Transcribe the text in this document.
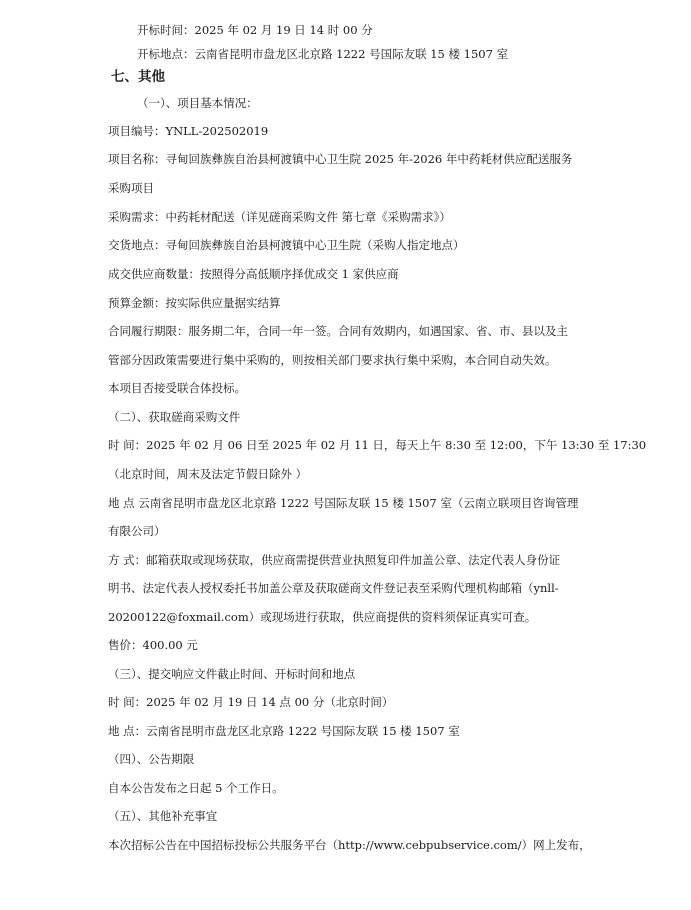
开标时间：2025 年 02 月 19 日 14 时 00 分
开标地点：云南省昆明市盘龙区北京路 1222 号国际友联 15 楼 1507 室
七、其他
（一）、项目基本情况：
项目编号：YNLL-202502019
项目名称：寻甸回族彝族自治县柯渡镇中心卫生院 2025 年-2026 年中药耗材供应配送服务
采购项目
采购需求：中药耗材配送（详见磋商采购文件 第七章《采购需求》）
交货地点：寻甸回族彝族自治县柯渡镇中心卫生院（采购人指定地点）
成交供应商数量：按照得分高低顺序择优成交 1 家供应商
预算金额：按实际供应量据实结算
合同履行期限：服务期二年，合同一年一签。合同有效期内，如遇国家、省、市、县以及主
管部分因政策需要进行集中采购的，则按相关部门要求执行集中采购，本合同自动失效。
本项目否接受联合体投标。
（二）、获取磋商采购文件
时 间：2025 年 02 月 06 日至 2025 年 02 月 11 日，每天上午 8:30 至 12:00，下午 13:30 至 17:30
（北京时间，周末及法定节假日除外 ）
地 点 云南省昆明市盘龙区北京路 1222 号国际友联 15 楼 1507 室（云南立联项目咨询管理
有限公司）
方 式：邮箱获取或现场获取，供应商需提供营业执照复印件加盖公章、法定代表人身份证
明书、法定代表人授权委托书加盖公章及获取磋商文件登记表至采购代理机构邮箱（ynll-
20200122@foxmail.com）或现场进行获取，供应商提供的资料须保证真实可查。
售价：400.00 元
（三）、提交响应文件截止时间、开标时间和地点
时 间：2025 年 02 月 19 日 14 点 00 分（北京时间）
地 点：云南省昆明市盘龙区北京路 1222 号国际友联 15 楼 1507 室
（四）、公告期限
自本公告发布之日起 5 个工作日。
（五）、其他补充事宜
本次招标公告在中国招标投标公共服务平台（http://www.cebpubservice.com/）网上发布，
